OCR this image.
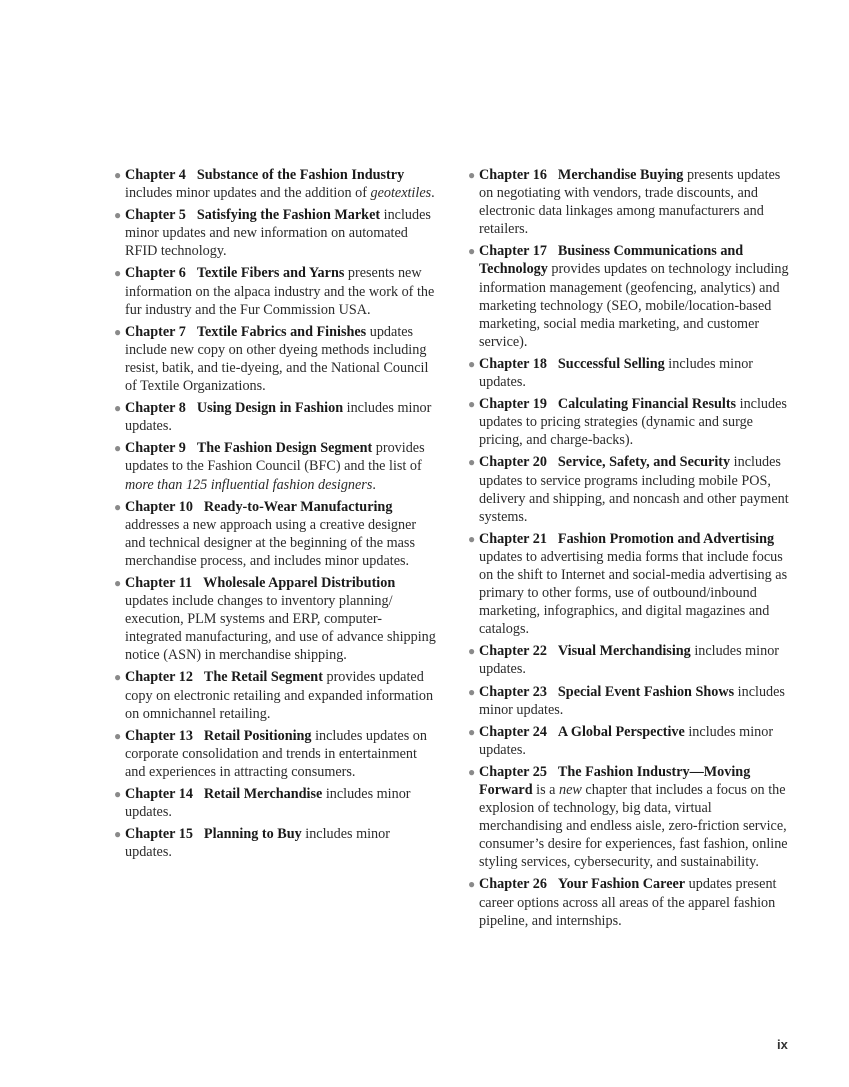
● Chapter 4 Substance of the Fashion Industry includes minor updates and the addition of geotextiles.
● Chapter 5 Satisfying the Fashion Market includes minor updates and new information on automated RFID technology.
● Chapter 6 Textile Fibers and Yarns presents new information on the alpaca industry and the work of the fur industry and the Fur Commission USA.
● Chapter 7 Textile Fabrics and Finishes updates include new copy on other dyeing methods including resist, batik, and tie-dyeing, and the National Council of Textile Organizations.
● Chapter 8 Using Design in Fashion includes minor updates.
● Chapter 9 The Fashion Design Segment provides updates to the Fashion Council (BFC) and the list of more than 125 influential fashion designers.
● Chapter 10 Ready-to-Wear Manufacturing addresses a new approach using a creative designer and technical designer at the beginning of the mass merchandise process, and includes minor updates.
● Chapter 11 Wholesale Apparel Distribution updates include changes to inventory planning/ execution, PLM systems and ERP, computer-integrated manufacturing, and use of advance shipping notice (ASN) in merchandise shipping.
● Chapter 12 The Retail Segment provides updated copy on electronic retailing and expanded information on omnichannel retailing.
● Chapter 13 Retail Positioning includes updates on corporate consolidation and trends in entertainment and experiences in attracting consumers.
● Chapter 14 Retail Merchandise includes minor updates.
● Chapter 15 Planning to Buy includes minor updates.
● Chapter 16 Merchandise Buying presents updates on negotiating with vendors, trade discounts, and electronic data linkages among manufacturers and retailers.
● Chapter 17 Business Communications and Technology provides updates on technology including information management (geofencing, analytics) and marketing technology (SEO, mobile/location-based marketing, social media marketing, and customer service).
● Chapter 18 Successful Selling includes minor updates.
● Chapter 19 Calculating Financial Results includes updates to pricing strategies (dynamic and surge pricing, and charge-backs).
● Chapter 20 Service, Safety, and Security includes updates to service programs including mobile POS, delivery and shipping, and noncash and other payment systems.
● Chapter 21 Fashion Promotion and Advertising updates to advertising media forms that include focus on the shift to Internet and social-media advertising as primary to other forms, use of outbound/inbound marketing, infographics, and digital magazines and catalogs.
● Chapter 22 Visual Merchandising includes minor updates.
● Chapter 23 Special Event Fashion Shows includes minor updates.
● Chapter 24 A Global Perspective includes minor updates.
● Chapter 25 The Fashion Industry—Moving Forward is a new chapter that includes a focus on the explosion of technology, big data, virtual merchandising and endless aisle, zero-friction service, consumer’s desire for experiences, fast fashion, online styling services, cybersecurity, and sustainability.
● Chapter 26 Your Fashion Career updates present career options across all areas of the apparel fashion pipeline, and internships.
ix
